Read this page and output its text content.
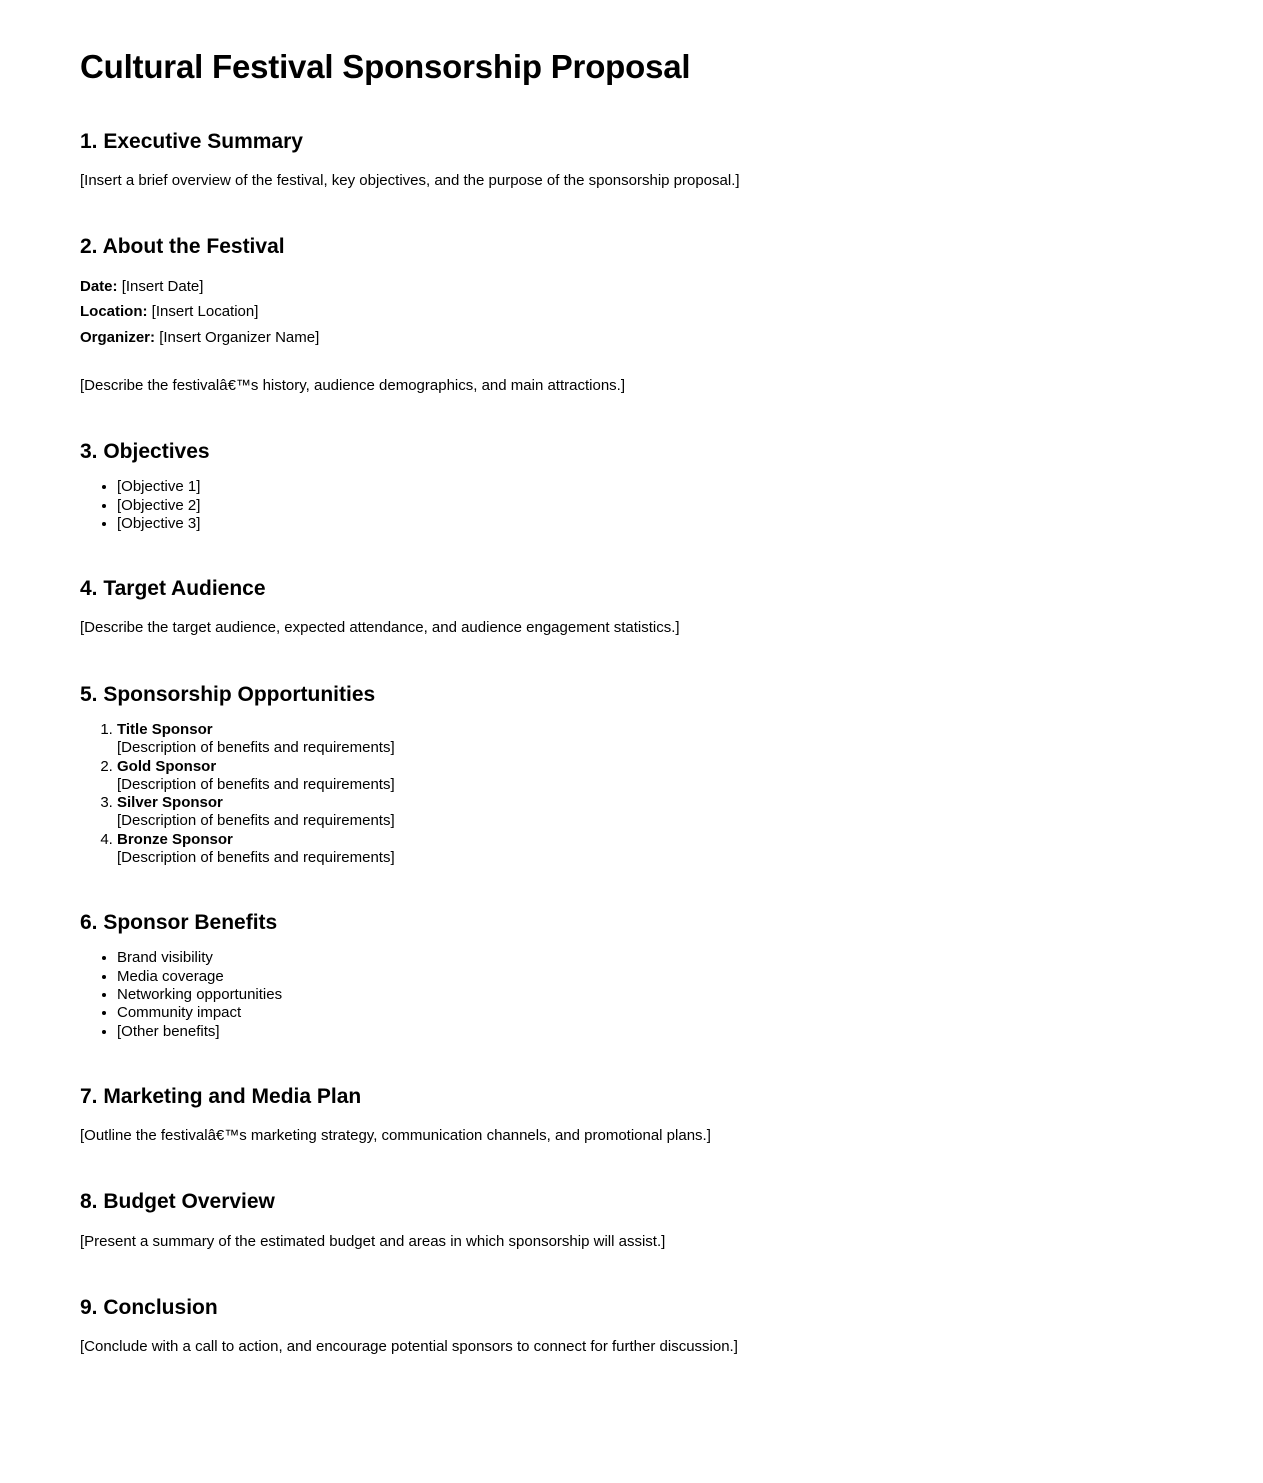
Cultural Festival Sponsorship Proposal
1. Executive Summary

[Insert a brief overview of the festival, key objectives, and the purpose of the sponsorship proposal.]

2. About the Festival

Date: [Insert Date]
Location: [Insert Location]
Organizer: [Insert Organizer Name]

[Describe the festivalâ€™s history, audience demographics, and main attractions.]

3. Objectives
• [Objective 1]
• [Objective 2]
• [Objective 3]
4. Target Audience

[Describe the target audience, expected attendance, and audience engagement statistics.]

5. Sponsorship Opportunities
1. Title Sponsor
[Description of benefits and requirements]
2. Gold Sponsor
[Description of benefits and requirements]
3. Silver Sponsor
[Description of benefits and requirements]
4. Bronze Sponsor
[Description of benefits and requirements]
6. Sponsor Benefits
• Brand visibility
• Media coverage
• Networking opportunities
• Community impact
• [Other benefits]
7. Marketing and Media Plan

[Outline the festivalâ€™s marketing strategy, communication channels, and promotional plans.]

8. Budget Overview

[Present a summary of the estimated budget and areas in which sponsorship will assist.]

9. Conclusion

[Conclude with a call to action, and encourage potential sponsors to connect for further discussion.]
